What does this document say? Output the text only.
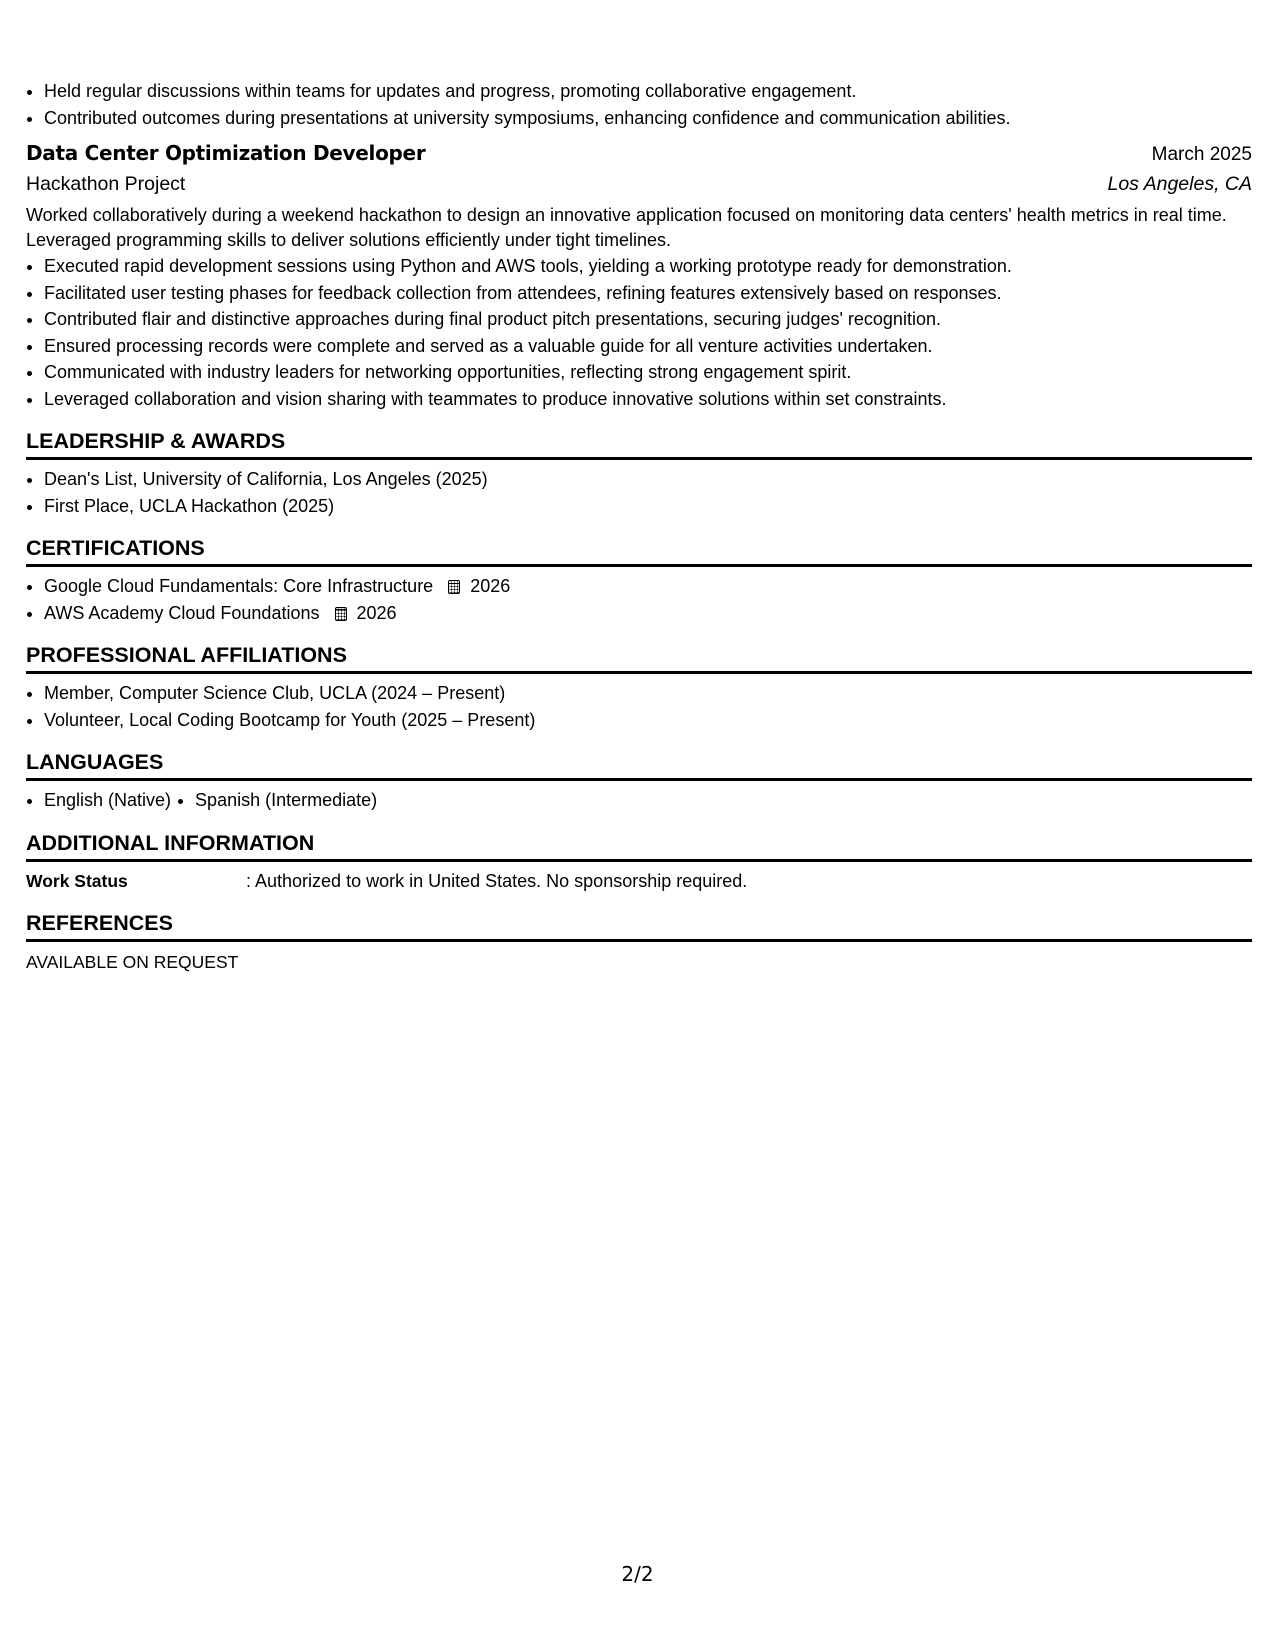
• Held regular discussions within teams for updates and progress, promoting collaborative engagement.
• Contributed outcomes during presentations at university symposiums, enhancing confidence and communication abilities.
Data Center Optimization Developer	March 2025
Hackathon Project	Los Angeles, CA
Worked collaboratively during a weekend hackathon to design an innovative application focused on monitoring data centers' health metrics in real time. Leveraged programming skills to deliver solutions efficiently under tight timelines.
• Executed rapid development sessions using Python and AWS tools, yielding a working prototype ready for demonstration.
• Facilitated user testing phases for feedback collection from attendees, refining features extensively based on responses.
• Contributed flair and distinctive approaches during final product pitch presentations, securing judges' recognition.
• Ensured processing records were complete and served as a valuable guide for all venture activities undertaken.
• Communicated with industry leaders for networking opportunities, reflecting strong engagement spirit.
• Leveraged collaboration and vision sharing with teammates to produce innovative solutions within set constraints.
LEADERSHIP & AWARDS
• Dean's List, University of California, Los Angeles (2025)
• First Place, UCLA Hackathon (2025)
CERTIFICATIONS
• Google Cloud Fundamentals: Core Infrastructure 2026
• AWS Academy Cloud Foundations 2026
PROFESSIONAL AFFILIATIONS
• Member, Computer Science Club, UCLA (2024 – Present)
• Volunteer, Local Coding Bootcamp for Youth (2025 – Present)
LANGUAGES
• English (Native)
• Spanish (Intermediate)
ADDITIONAL INFORMATION
Work Status	: Authorized to work in United States. No sponsorship required.
REFERENCES
AVAILABLE ON REQUEST
2/2
